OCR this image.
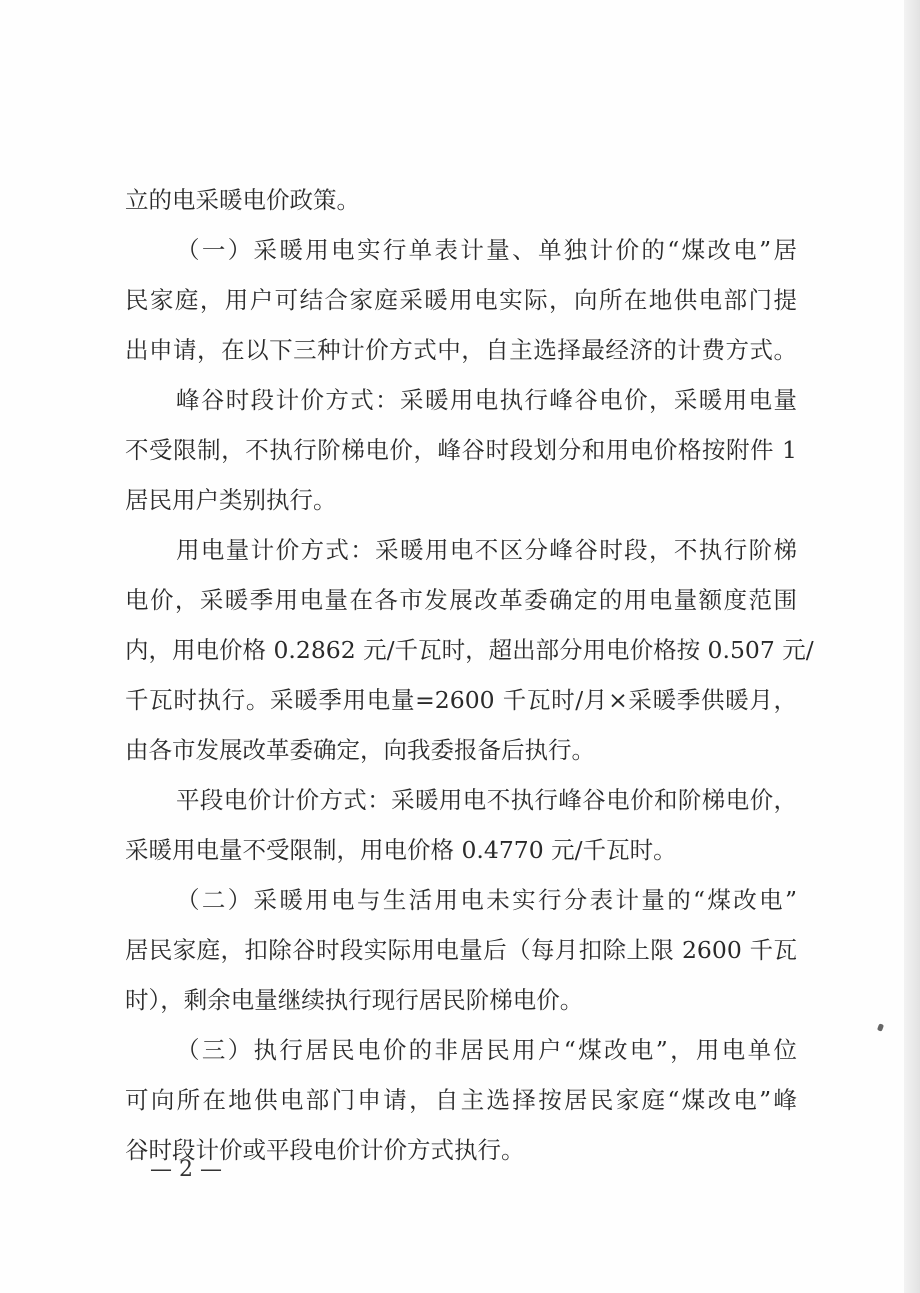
立的电采暖电价政策。
（一）采暖用电实行单表计量、单独计价的“煤改电”居
民家庭，用户可结合家庭采暖用电实际，向所在地供电部门提
出申请，在以下三种计价方式中，自主选择最经济的计费方式。
峰谷时段计价方式：采暖用电执行峰谷电价，采暖用电量
不受限制，不执行阶梯电价，峰谷时段划分和用电价格按附件 1
居民用户类别执行。
用电量计价方式：采暖用电不区分峰谷时段，不执行阶梯
电价，采暖季用电量在各市发展改革委确定的用电量额度范围
内，用电价格 0.2862 元/千瓦时，超出部分用电价格按 0.507 元/
千瓦时执行。采暖季用电量=2600 千瓦时/月×采暖季供暖月，
由各市发展改革委确定，向我委报备后执行。
平段电价计价方式：采暖用电不执行峰谷电价和阶梯电价，
采暖用电量不受限制，用电价格 0.4770 元/千瓦时。
（二）采暖用电与生活用电未实行分表计量的“煤改电”
居民家庭，扣除谷时段实际用电量后（每月扣除上限 2600 千瓦
时），剩余电量继续执行现行居民阶梯电价。
（三）执行居民电价的非居民用户“煤改电”，用电单位
可向所在地供电部门申请，自主选择按居民家庭“煤改电”峰
谷时段计价或平段电价计价方式执行。
— 2 —
